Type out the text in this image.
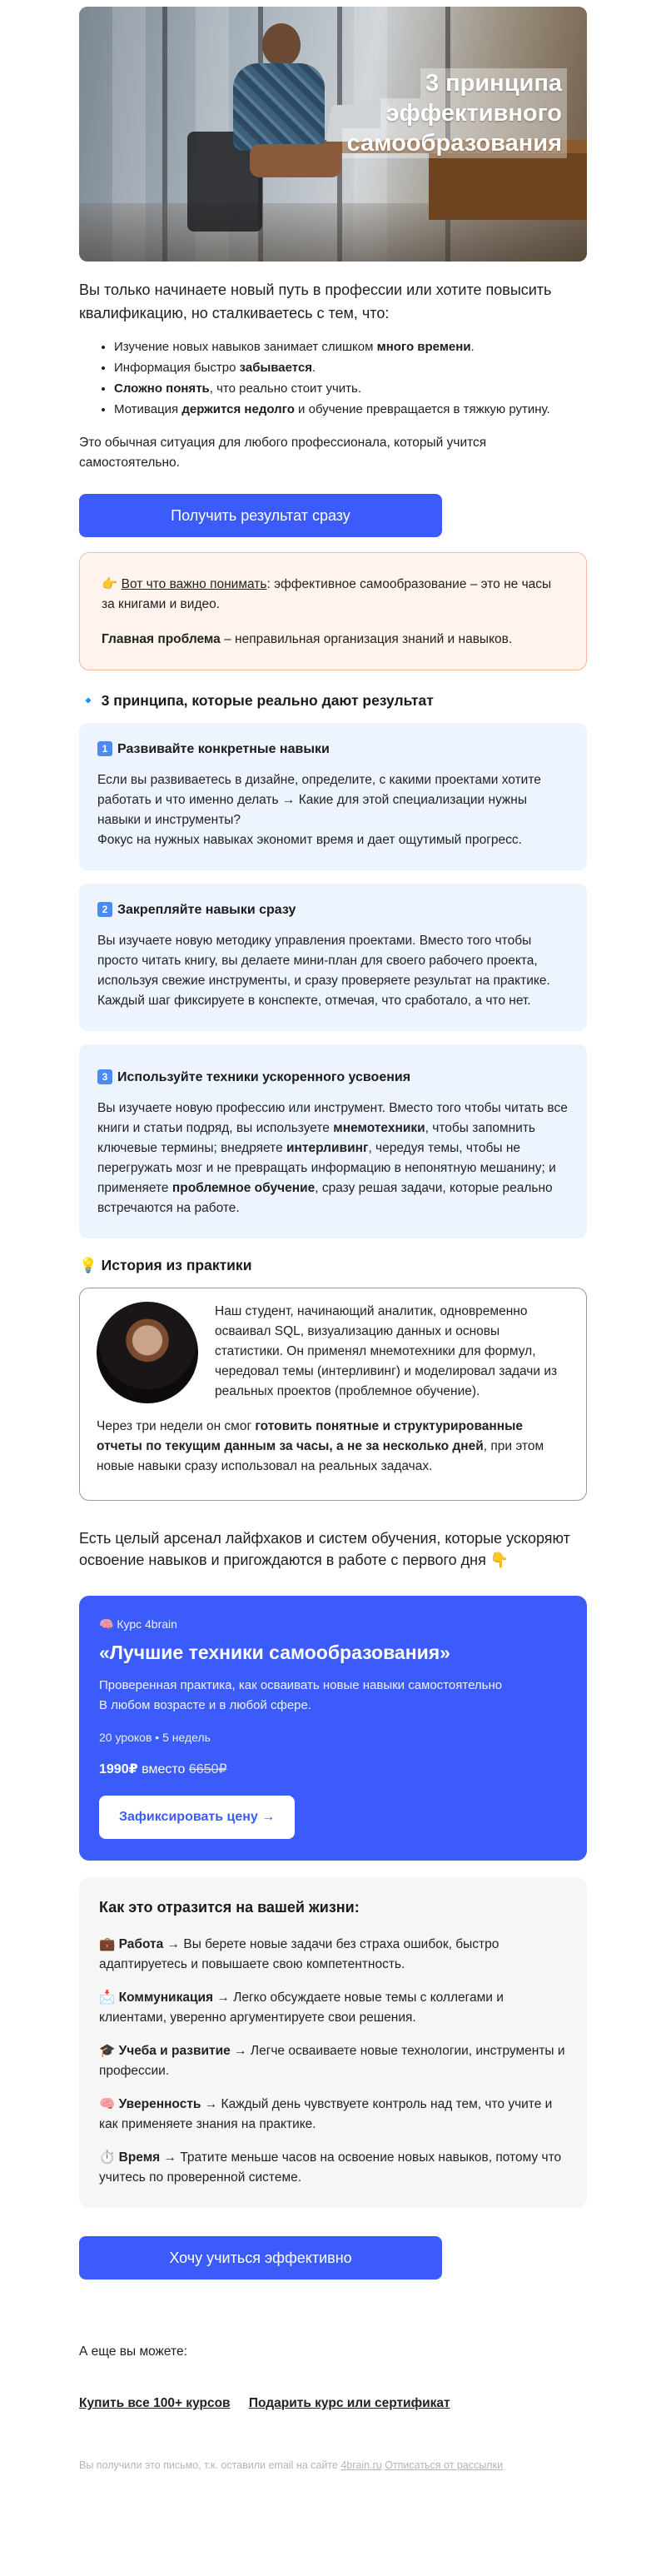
3 принципа
эффективного
самообразования

Вы только начинаете новый путь в профессии или хотите повысить квалификацию, но сталкиваетесь с тем, что:

• Изучение новых навыков занимает слишком много времени.
• Информация быстро забывается.
• Сложно понять, что реально стоит учить.
• Мотивация держится недолго и обучение превращается в тяжкую рутину.

Это обычная ситуация для любого профессионала, который учится самостоятельно.

Получить результат сразу

👉 Вот что важно понимать: эффективное самообразование – это не часы за книгами и видео.

Главная проблема – неправильная организация знаний и навыков.

🔹 3 принципа, которые реально дают результат
1 Развивайте конкретные навыки

Если вы развиваетесь в дизайне, определите, с какими проектами хотите работать и что именно делать → Какие для этой специализации нужны навыки и инструменты?

Фокус на нужных навыках экономит время и дает ощутимый прогресс.

2 Закрепляйте навыки сразу

Вы изучаете новую методику управления проектами. Вместо того чтобы просто читать книгу, вы делаете мини-план для своего рабочего проекта, используя свежие инструменты, и сразу проверяете результат на практике. Каждый шаг фиксируете в конспекте, отмечая, что сработало, а что нет.

3 Используйте техники ускоренного усвоения

Вы изучаете новую профессию или инструмент. Вместо того чтобы читать все книги и статьи подряд, вы используете мнемотехники, чтобы запомнить ключевые термины; внедряете интерливинг, чередуя темы, чтобы не перегружать мозг и не превращать информацию в непонятную мешанину; и применяете проблемное обучение, сразу решая задачи, которые реально встречаются на работе.

💡 История из практики

Наш студент, начинающий аналитик, одновременно осваивал SQL, визуализацию данных и основы статистики. Он применял мнемотехники для формул, чередовал темы (интерливинг) и моделировал задачи из реальных проектов (проблемное обучение).

Через три недели он смог готовить понятные и структурированные отчеты по текущим данным за часы, а не за несколько дней, при этом новые навыки сразу использовал на реальных задачах.

Есть целый арсенал лайфхаков и систем обучения, которые ускоряют освоение навыков и пригождаются в работе с первого дня 👇

🧠 Курс 4brain
«Лучшие техники самообразования»

Проверенная практика, как осваивать новые навыки самостоятельно
В любом возрасте и в любой сфере.

20 уроков • 5 недель

1990₽ вместо 6650₽

Зафиксировать цену →
Как это отразится на вашей жизни:

💼 Работа → Вы берете новые задачи без страха ошибок, быстро адаптируетесь и повышаете свою компетентность.

📩 Коммуникация → Легко обсуждаете новые темы с коллегами и клиентами, уверенно аргументируете свои решения.

🎓 Учеба и развитие → Легче осваиваете новые технологии, инструменты и профессии.

🧠 Уверенность → Каждый день чувствуете контроль над тем, что учите и как применяете знания на практике.

⏱️ Время → Тратите меньше часов на освоение новых навыков, потому что учитесь по проверенной системе.

Хочу учиться эффективно

А еще вы можете:

Купить все 100+ курсов Подарить курс или сертификат

Вы получили это письмо, т.к. оставили email на сайте 4brain.ru Отписаться от рассылки
